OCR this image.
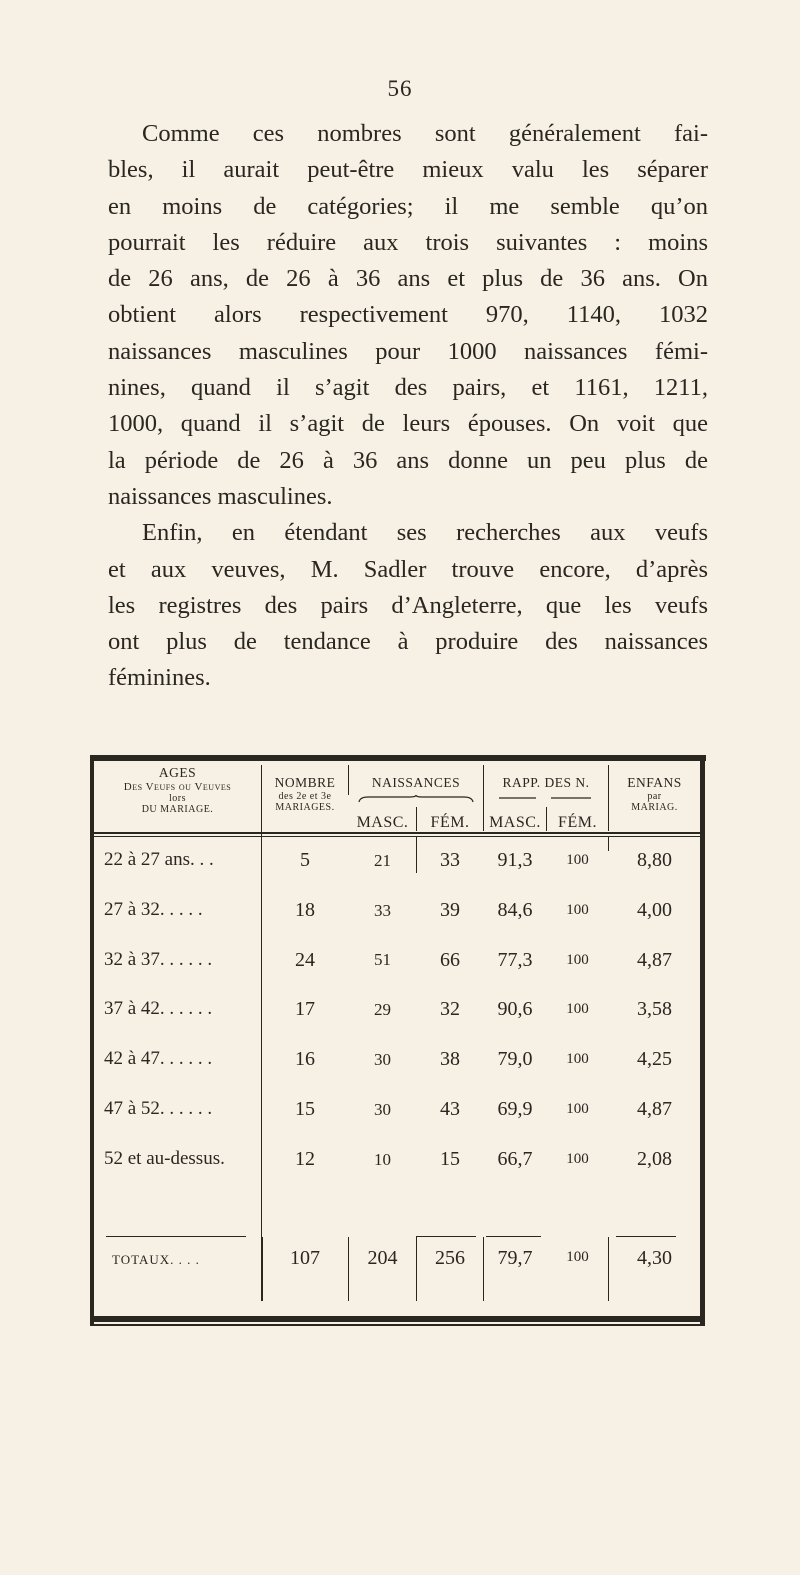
56

Comme ces nombres sont généralement fai-
bles, il aurait peut-être mieux valu les séparer
en moins de catégories; il me semble qu’on
pourrait les réduire aux trois suivantes : moins
de 26 ans, de 26 à 36 ans et plus de 36 ans. On
obtient alors respectivement 970, 1140, 1032
naissances masculines pour 1000 naissances fémi-
nines, quand il s’agit des pairs, et 1161, 1211,
1000, quand il s’agit de leurs épouses. On voit que
la période de 26 à 36 ans donne un peu plus de
naissances masculines.

Enfin, en étendant ses recherches aux veufs
et aux veuves, M. Sadler trouve encore, d’après
les registres des pairs d’Angleterre, que les veufs
ont plus de tendance à produire des naissances
féminines.

AGES
Des Veufs ou Veuves
lors
DU MARIAGE.
NOMBRE
des 2e et 3e
MARIAGES.
NAISSANCES
MASC.	FÉM.
RAPP. DES N.
MASC.	FÉM.
ENFANS
par
MARIAG.
22 à 27 ans. . .	5	21	33	91,3	100	8,80
27 à 32. . . . .	18	33	39	84,6	100	4,00
32 à 37. . . . . .	24	51	66	77,3	100	4,87
37 à 42. . . . . .	17	29	32	90,6	100	3,58
42 à 47. . . . . .	16	30	38	79,0	100	4,25
47 à 52. . . . . .	15	30	43	69,9	100	4,87
52 et au-dessus.	12	10	15	66,7	100	2,08
TOTAUX. . . .	107	204	256	79,7	100	4,30
